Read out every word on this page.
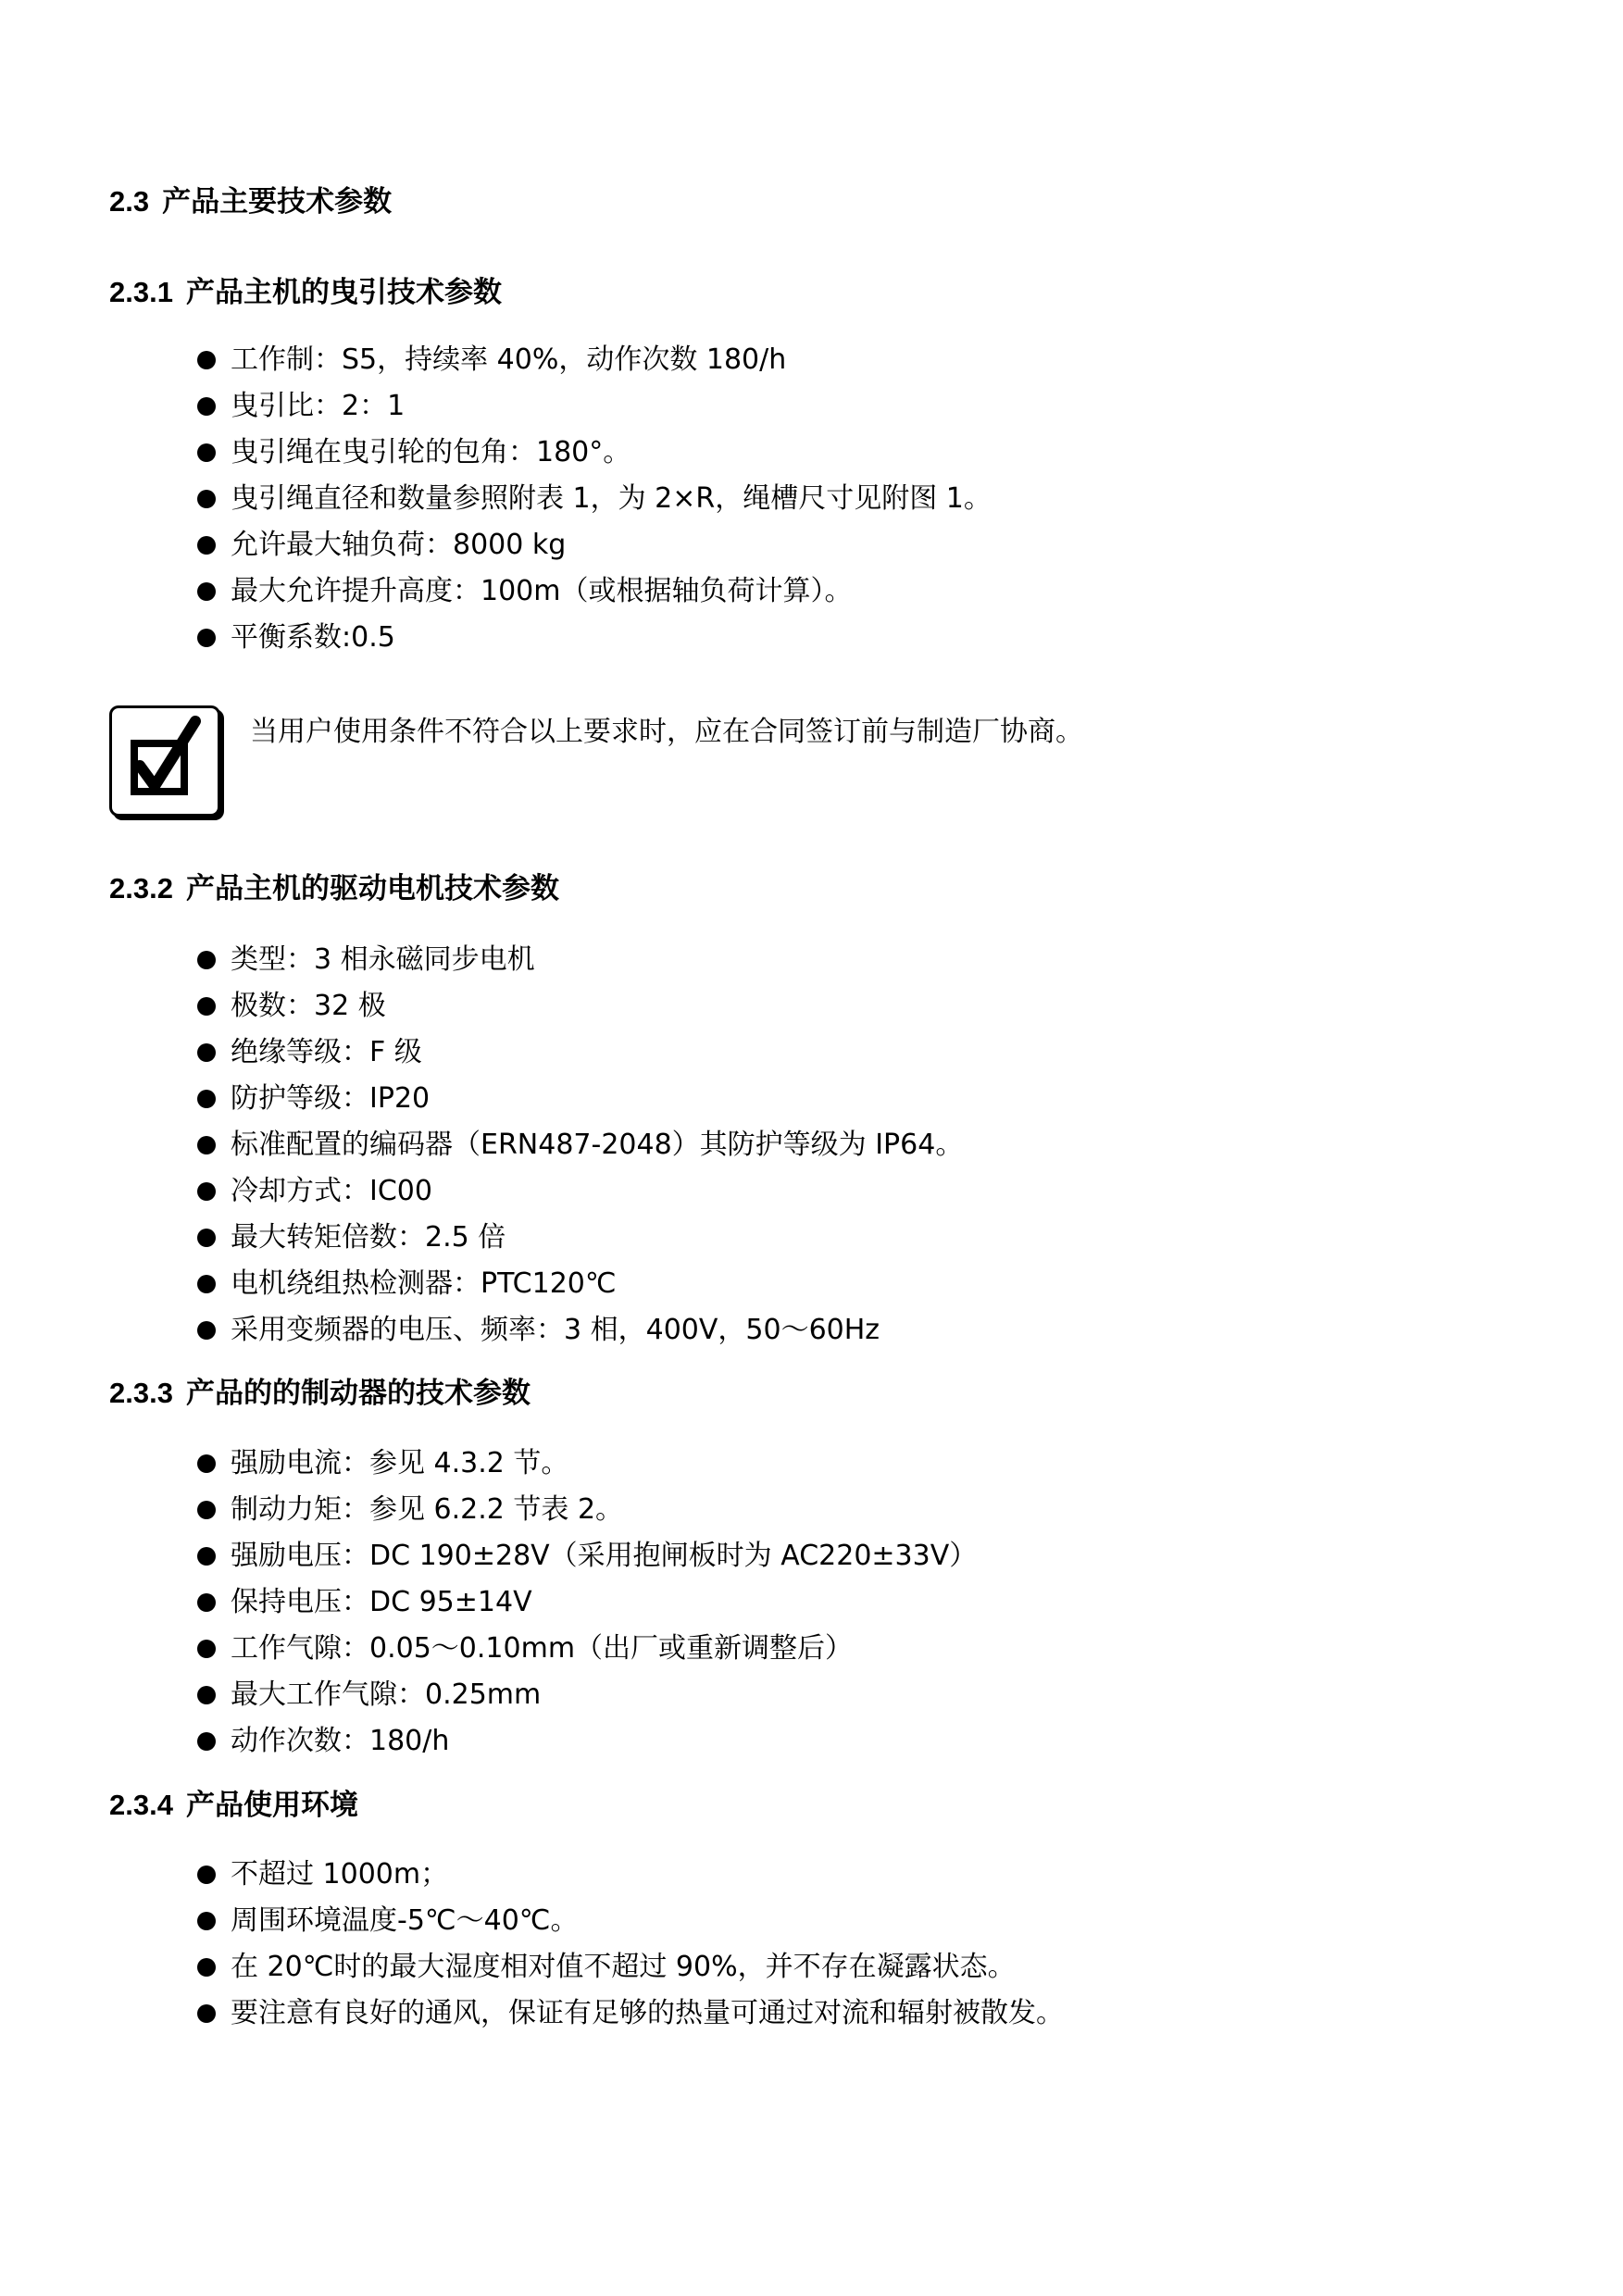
2.3 产品主要技术参数
2.3.1 产品主机的曳引技术参数
工作制：S5，持续率 40%，动作次数 180/h
曳引比：2：1
曳引绳在曳引轮的包角：180°。
曳引绳直径和数量参照附表 1，为 2×R，绳槽尺寸见附图 1。
允许最大轴负荷：8000 kg
最大允许提升高度：100m（或根据轴负荷计算）。
平衡系数:0.5
当用户使用条件不符合以上要求时，应在合同签订前与制造厂协商。
2.3.2 产品主机的驱动电机技术参数
类型：3 相永磁同步电机
极数：32 极
绝缘等级：F 级
防护等级：IP20
标准配置的编码器（ERN487-2048）其防护等级为 IP64。
冷却方式：IC00
最大转矩倍数：2.5 倍
电机绕组热检测器：PTC120℃
采用变频器的电压、频率：3 相，400V，50～60Hz
2.3.3 产品的的制动器的技术参数
强励电流：参见 4.3.2 节。
制动力矩：参见 6.2.2 节表 2。
强励电压：DC 190±28V（采用抱闸板时为 AC220±33V）
保持电压：DC 95±14V
工作气隙：0.05～0.10mm（出厂或重新调整后）
最大工作气隙：0.25mm
动作次数：180/h
2.3.4 产品使用环境
不超过 1000m；
周围环境温度-5℃～40℃。
在 20℃时的最大湿度相对值不超过 90%，并不存在凝露状态。
要注意有良好的通风，保证有足够的热量可通过对流和辐射被散发。
